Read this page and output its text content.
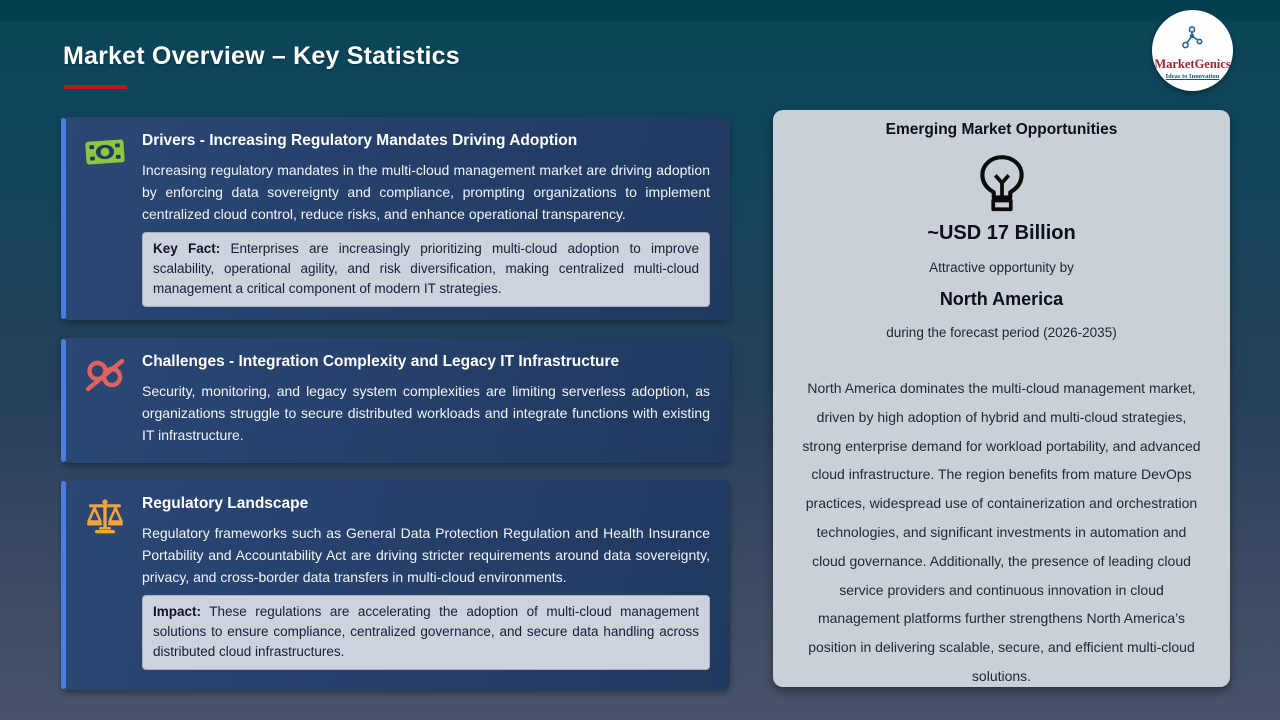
Market Overview – Key Statistics	MarketGenics
Ideas to Innovation
Drivers - Increasing Regulatory Mandates Driving Adoption
Increasing regulatory mandates in the multi-cloud management market are driving adoption by enforcing data sovereignty and compliance, prompting organizations to implement centralized cloud control, reduce risks, and enhance operational transparency.
Key Fact: Enterprises are increasingly prioritizing multi-cloud adoption to improve scalability, operational agility, and risk diversification, making centralized multi-cloud management a critical component of modern IT strategies.
Challenges - Integration Complexity and Legacy IT Infrastructure
Security, monitoring, and legacy system complexities are limiting serverless adoption, as organizations struggle to secure distributed workloads and integrate functions with existing IT infrastructure.
Regulatory Landscape
Regulatory frameworks such as General Data Protection Regulation and Health Insurance Portability and Accountability Act are driving stricter requirements around data sovereignty, privacy, and cross-border data transfers in multi-cloud environments.
Impact: These regulations are accelerating the adoption of multi-cloud management solutions to ensure compliance, centralized governance, and secure data handling across distributed cloud infrastructures.
Emerging Market Opportunities
~USD 17 Billion
Attractive opportunity by
North America
during the forecast period (2026-2035)
North America dominates the multi-cloud management market, driven by high adoption of hybrid and multi-cloud strategies, strong enterprise demand for workload portability, and advanced cloud infrastructure. The region benefits from mature DevOps practices, widespread use of containerization and orchestration technologies, and significant investments in automation and cloud governance. Additionally, the presence of leading cloud service providers and continuous innovation in cloud management platforms further strengthens North America’s position in delivering scalable, secure, and efficient multi-cloud solutions.
